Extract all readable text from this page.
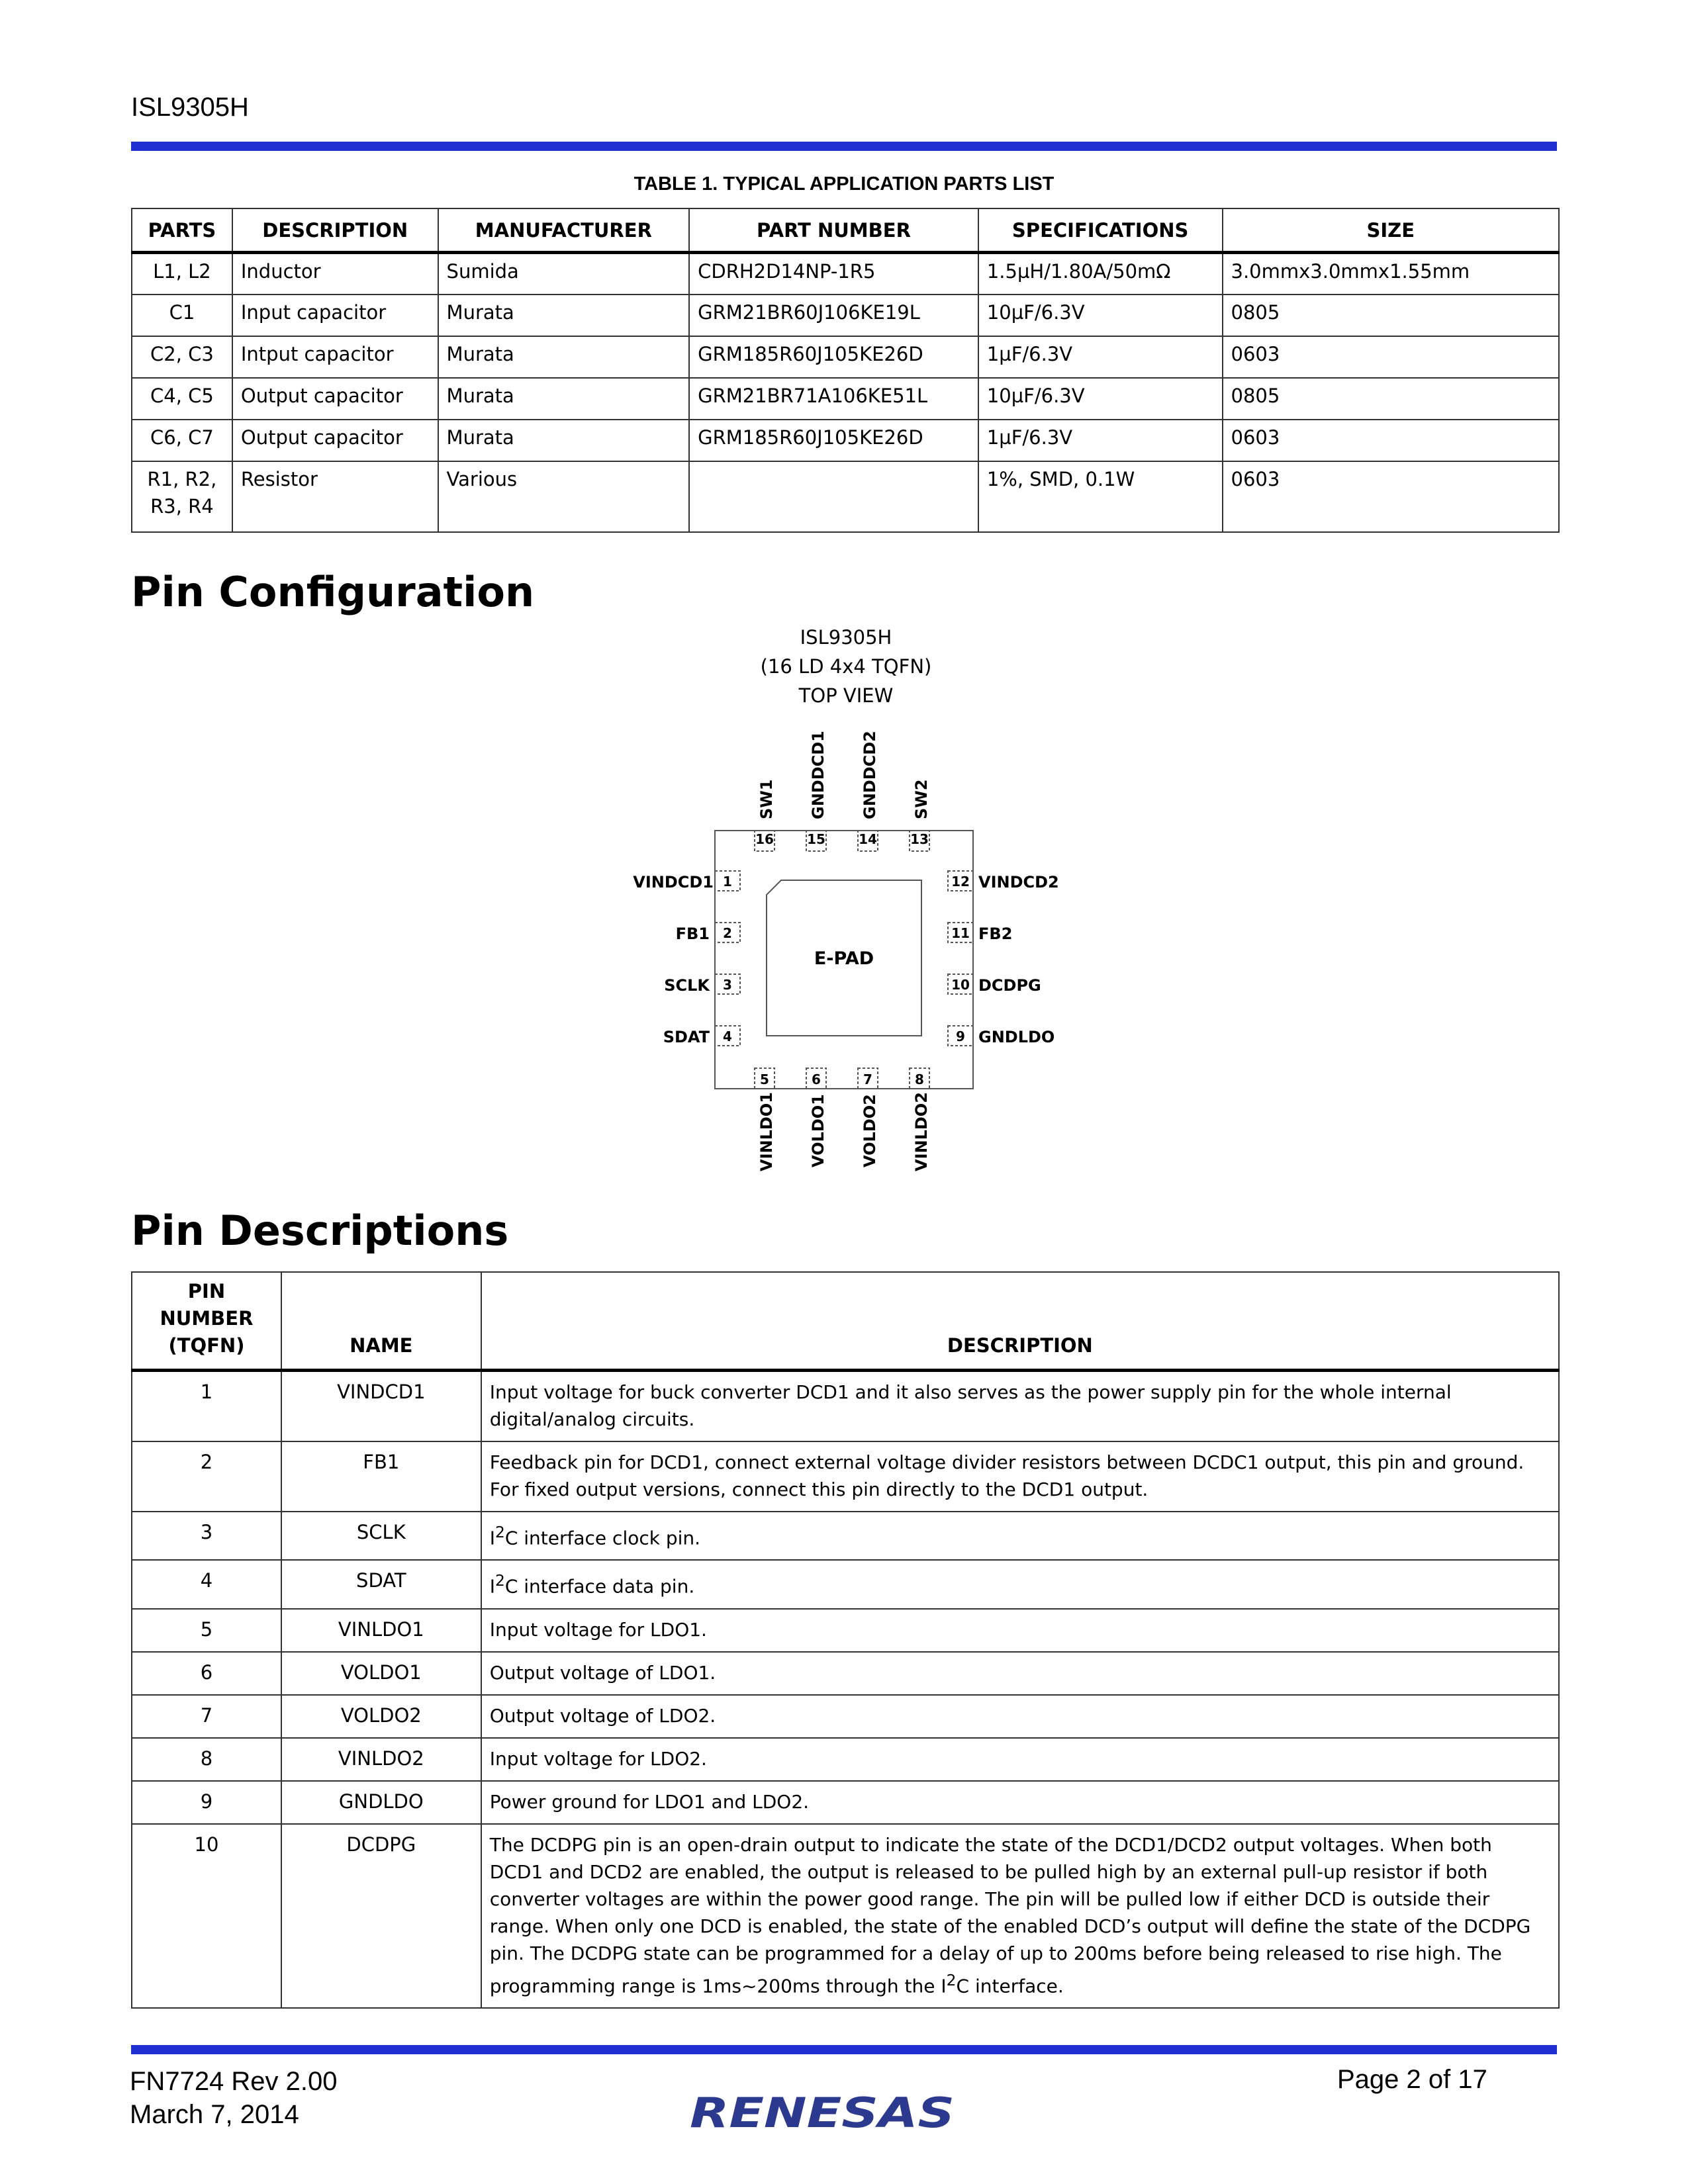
ISL9305H
TABLE 1. TYPICAL APPLICATION PARTS LIST
PARTS	DESCRIPTION	MANUFACTURER	PART NUMBER	SPECIFICATIONS	SIZE
L1, L2	Inductor	Sumida	CDRH2D14NP-1R5	1.5µH/1.80A/50mΩ	3.0mmx3.0mmx1.55mm
C1	Input capacitor	Murata	GRM21BR60J106KE19L	10µF/6.3V	0805
C2, C3	Intput capacitor	Murata	GRM185R60J105KE26D	1µF/6.3V	0603
C4, C5	Output capacitor	Murata	GRM21BR71A106KE51L	10µF/6.3V	0805
C6, C7	Output capacitor	Murata	GRM185R60J105KE26D	1µF/6.3V	0603
R1, R2,
R3, R4	Resistor	Various		1%, SMD, 0.1W	0603
Pin Configuration
ISL9305H
(16 LD 4x4 TQFN)
TOP VIEW
E-PAD
16
SW1
15
GNDDCD1
14
GNDDCD2
13
SW2
1
VINDCD1
2
FB1
3
SCLK
4
SDAT
12 VINDCD2
11 FB2
10 DCDPG
9 GNDLDO
5
VINLDO1
6
VOLDO1
7
VOLDO2
8
VINLDO2
Pin Descriptions
PIN NUMBER
(TQFN)	NAME	DESCRIPTION
1	VINDCD1	Input voltage for buck converter DCD1 and it also serves as the power supply pin for the whole internal digital/analog circuits.
2	FB1	Feedback pin for DCD1, connect external voltage divider resistors between DCDC1 output, this pin and ground. For fixed output versions, connect this pin directly to the DCD1 output.
3	SCLK	$I^2C$ interface clock pin.
4	SDAT	$I^2C$ interface data pin.
5	VINLDO1	Input voltage for LDO1.
6	VOLDO1	Output voltage of LDO1.
7	VOLDO2	Output voltage of LDO2.
8	VINLDO2	Input voltage for LDO2.
9	GNDLDO	Power ground for LDO1 and LDO2.
10	DCDPG	The DCDPG pin is an open-drain output to indicate the state of the DCD1/DCD2 output voltages. When both DCD1 and DCD2 are enabled, the output is released to be pulled high by an external pull-up resistor if both converter voltages are within the power good range. The pin will be pulled low if either DCD is outside their range. When only one DCD is enabled, the state of the enabled DCD’s output will define the state of the DCDPG pin. The DCDPG state can be programmed for a delay of up to 200ms before being released to rise high. The programming range is 1ms~200ms through the $I^2C$ interface.
FN7724 Rev 2.00
March 7, 2014	RENESAS
Page 2 of 17
